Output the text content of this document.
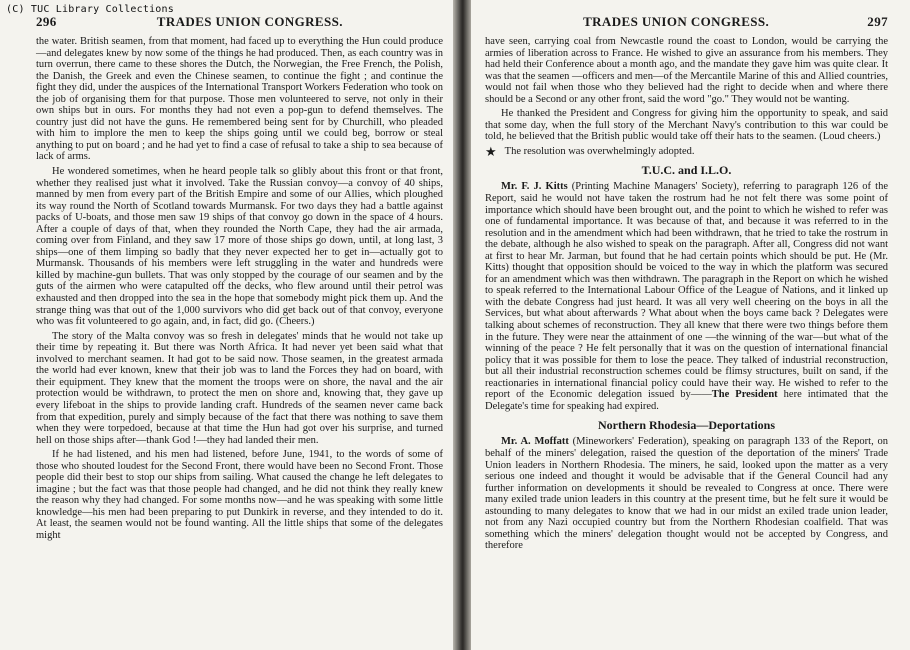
(C) TUC Library Collections
296	TRADES UNION CONGRESS.

the water. British seamen, from that moment, had faced up to everything the Hun could produce—and delegates knew by now some of the things he had produced. Then, as each country was in turn overrun, there came to these shores the Dutch, the Norwegian, the Free French, the Polish, the Danish, the Greek and even the Chinese seamen, to continue the fight ; and continue the fight they did, under the auspices of the International Transport Workers Federation who took on the job of organising them for that purpose. Those men volunteered to serve, not only in their own ships but in ours. For months they had not even a pop-gun to defend themselves. The country just did not have the guns. He remembered being sent for by Churchill, who pleaded with him to implore the men to keep the ships going until we could beg, borrow or steal anything to put on board ; and he had yet to find a case of refusal to take a ship to sea because of lack of arms.

He wondered sometimes, when he heard people talk so glibly about this front or that front, whether they realised just what it involved. Take the Russian convoy—a convoy of 40 ships, manned by men from every part of the British Empire and some of our Allies, which ploughed its way round the North of Scotland towards Murmansk. For two days they had a battle against packs of U-boats, and those men saw 19 ships of that convoy go down in the space of 4 hours. After a couple of days of that, when they rounded the North Cape, they had the air armada, coming over from Finland, and they saw 17 more of those ships go down, until, at long last, 3 ships—one of them limping so badly that they never expected her to get in—actually got to Murmansk. Thousands of his members were left struggling in the water and hundreds were killed by machine-gun bullets. That was only stopped by the courage of our seamen and by the guts of the airmen who were catapulted off the decks, who flew around until their petrol was exhausted and then dropped into the sea in the hope that somebody might pick them up. And the strange thing was that out of the 1,000 survivors who did get back out of that convoy, everyone who was fit volunteered to go again, and, in fact, did go. (Cheers.)

The story of the Malta convoy was so fresh in delegates' minds that he would not take up their time by repeating it. But there was North Africa. It had never yet been said what that involved to merchant seamen. It had got to be said now. Those seamen, in the greatest armada the world had ever known, knew that their job was to land the Forces they had on board, with their equipment. They knew that the moment the troops were on shore, the naval and the air protection would be withdrawn, to protect the men on shore and, knowing that, they gave up every lifeboat in the ships to provide landing craft. Hundreds of the seamen never came back from that expedition, purely and simply because of the fact that there was nothing to save them when they were torpedoed, because at that time the Hun had got over his surprise, and turned hell on those ships after—thank God !—they had landed their men.

If he had listened, and his men had listened, before June, 1941, to the words of some of those who shouted loudest for the Second Front, there would have been no Second Front. Those people did their best to stop our ships from sailing. What caused the change he left delegates to imagine ; but the fact was that those people had changed, and he did not think they really knew the reason why they had changed. For some months now—and he was speaking with some little knowledge—his men had been preparing to put Dunkirk in reverse, and they intended to do it. At least, the seamen would not be found wanting. All the little ships that some of the delegates might

TRADES UNION CONGRESS.	297

have seen, carrying coal from Newcastle round the coast to London, would be carrying the armies of liberation across to France. He wished to give an assurance from his members. They had held their Conference about a month ago, and the mandate they gave him was quite clear. It was that the seamen —officers and men—of the Mercantile Marine of this and Allied countries, would not fail when those who they believed had the right to decide when and where there should be a Second or any other front, said the word "go." They would not be wanting.

He thanked the President and Congress for giving him the opportunity to speak, and said that some day, when the full story of the Merchant Navy's contribution to this war could be told, he believed that the British public would take off their hats to the seamen. (Loud cheers.)

★ The resolution was overwhelmingly adopted.

T.U.C. and I.L.O.

Mr. F. J. Kitts (Printing Machine Managers' Society), referring to paragraph 126 of the Report, said he would not have taken the rostrum had he not felt there was some point of importance which should have been brought out, and the point to which he wished to refer was one of fundamental importance. It was because of that, and because it was referred to in the resolution and in the amendment which had been withdrawn, that he tried to take the rostrum in the debate, although he also wished to speak on the paragraph. After all, Congress did not want at first to hear Mr. Jarman, but found that he had certain points which should be put. He (Mr. Kitts) thought that opposition should be voiced to the way in which the platform was secured for an amendment which was then withdrawn. The paragraph in the Report on which he wished to speak referred to the International Labour Office of the League of Nations, and it linked up with the debate Congress had just heard. It was all very well cheering on the boys in all the Services, but what about afterwards ? What about when the boys came back ? Delegates were talking about schemes of reconstruction. They all knew that there were two things before them in the future. They were near the attainment of one —the winning of the war—but what of the winning of the peace ? He felt personally that it was on the question of international financial policy that it was possible for them to lose the peace. They talked of industrial reconstruction, but all their industrial reconstruction schemes could be flimsy structures, built on sand, if the reactionaries in international financial policy could have their way. He wished to refer to the report of the Economic delegation issued by——The President here intimated that the Delegate's time for speaking had expired.

Northern Rhodesia—Deportations

Mr. A. Moffatt (Mineworkers' Federation), speaking on paragraph 133 of the Report, on behalf of the miners' delegation, raised the question of the deportation of the miners' Trade Union leaders in Northern Rhodesia. The miners, he said, looked upon the matter as a very serious one indeed and thought it would be advisable that if the General Council had any further information on developments it should be revealed to Congress at once. There were many exiled trade union leaders in this country at the present time, but he felt sure it would be astounding to many delegates to know that we had in our midst an exiled trade union leader, not from any Nazi occupied country but from the Northern Rhodesian coalfield. That was something which the miners' delegation thought would not be accepted by Congress, and therefore
